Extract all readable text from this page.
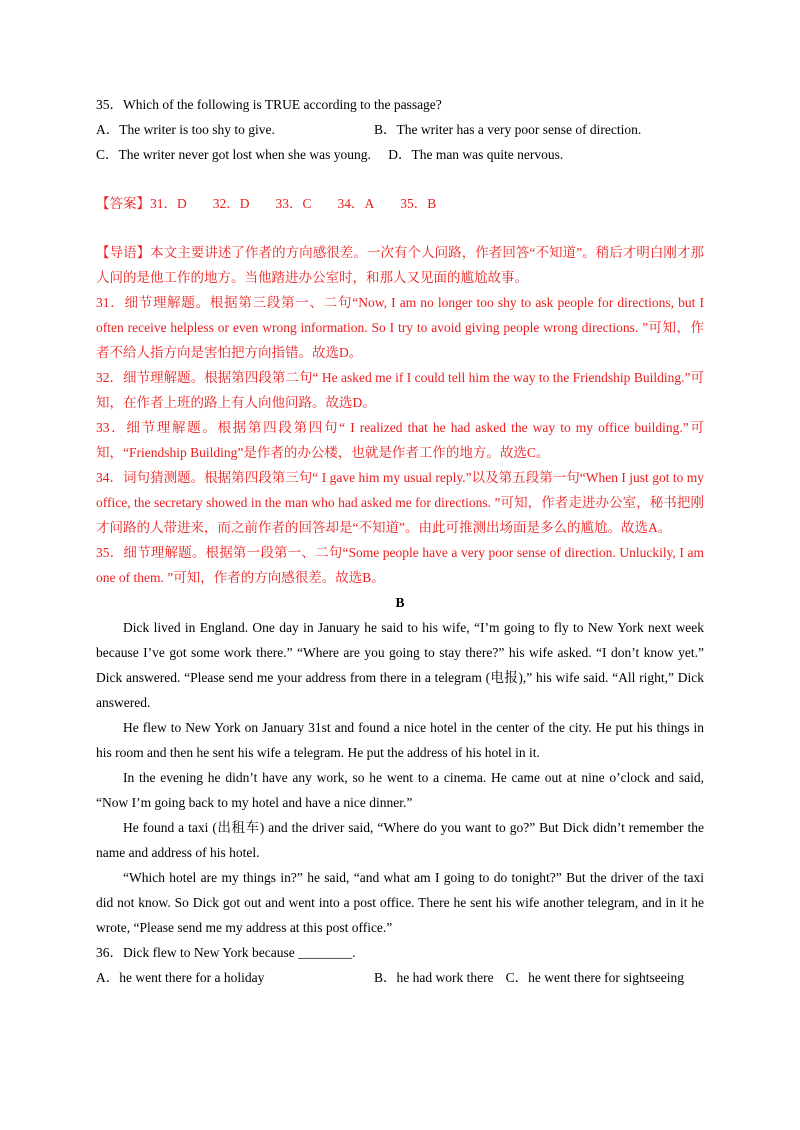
35．Which of the following is TRUE according to the passage?
A．The writer is too shy to give.	B．The writer has a very poor sense of direction.
C．The writer never got lost when she was young. D．The man was quite nervous.
【答案】31．D 32．D 33．C 34．A 35．B
【导语】本文主要讲述了作者的方向感很差。一次有个人问路，作者回答“不知道”。稍后才明白刚才那人问的是他工作的地方。当他踏进办公室时，和那人又见面的尴尬故事。
31．细节理解题。根据第三段第一、二句“Now, I am no longer too shy to ask people for directions, but I often receive helpless or even wrong information. So I try to avoid giving people wrong directions. ”可知，作者不给人指方向是害怕把方向指错。故选D。
32．细节理解题。根据第四段第二句“ He asked me if I could tell him the way to the Friendship Building.”可知，在作者上班的路上有人向他问路。故选D。
33．细节理解题。根据第四段第四句“ I realized that he had asked the way to my office building.”可知，“Friendship Building”是作者的办公楼，也就是作者工作的地方。故选C。
34．词句猜测题。根据第四段第三句“ I gave him my usual reply.”以及第五段第一句“When I just got to my office, the secretary showed in the man who had asked me for directions. ”可知，作者走进办公室，秘书把刚才问路的人带进来，而之前作者的回答却是“不知道”。由此可推测出场面是多么的尴尬。故选A。
35．细节理解题。根据第一段第一、二句“Some people have a very poor sense of direction. Unluckily, I am one of them. ”可知，作者的方向感很差。故选B。
B
Dick lived in England. One day in January he said to his wife, “I’m going to fly to New York next week because I’ve got some work there.” “Where are you going to stay there?” his wife asked. “I don’t know yet.” Dick answered. “Please send me your address from there in a telegram (电报),” his wife said. “All right,” Dick answered.
He flew to New York on January 31st and found a nice hotel in the center of the city. He put his things in his room and then he sent his wife a telegram. He put the address of his hotel in it.
In the evening he didn’t have any work, so he went to a cinema. He came out at nine o’clock and said, “Now I’m going back to my hotel and have a nice dinner.”
He found a taxi (出租车) and the driver said, “Where do you want to go?” But Dick didn’t remember the name and address of his hotel.
“Which hotel are my things in?” he said, “and what am I going to do tonight?” But the driver of the taxi did not know. So Dick got out and went into a post office. There he sent his wife another telegram, and in it he wrote, “Please send me my address at this post office.”
36．Dick flew to New York because ________.
A．he went there for a holiday	B．he had work there C．he went there for sightseeing
